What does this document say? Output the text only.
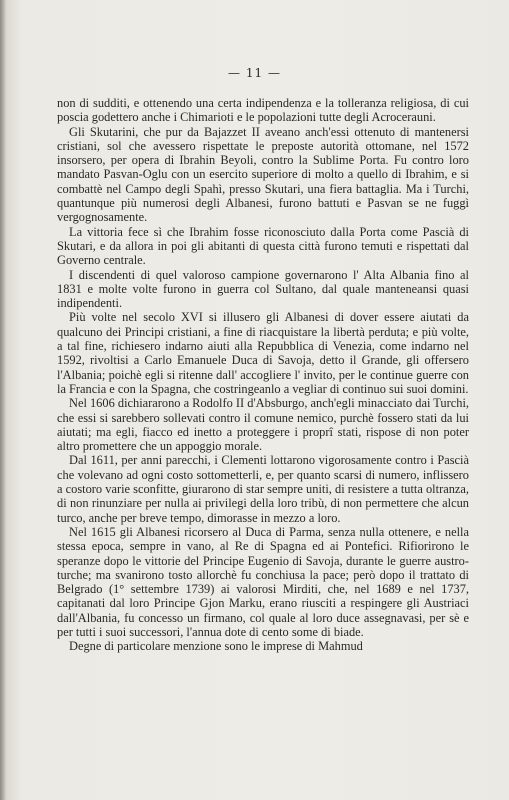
— 11 —

non di sudditi, e ottenendo una certa indipendenza e la tolleranza religiosa, di cui poscia godettero anche i Chimarioti e le popolazioni tutte degli Acrocerauni.

Gli Skutarini, che pur da Bajazzet II aveano anch'essi ottenuto di mantenersi cristiani, sol che avessero rispettate le preposte autorità ottomane, nel 1572 insorsero, per opera di Ibrahin Beyoli, contro la Sublime Porta. Fu contro loro mandato Pasvan-Oglu con un esercito superiore di molto a quello di Ibrahim, e si combattè nel Campo degli Spahì, presso Skutari, una fiera battaglia. Ma i Turchi, quantunque più numerosi degli Albanesi, furono battuti e Pasvan se ne fuggì vergognosamente.

La vittoria fece sì che Ibrahim fosse riconosciuto dalla Porta come Pascià di Skutari, e da allora in poi gli abitanti di questa città furono temuti e rispettati dal Governo centrale.

I discendenti di quel valoroso campione governarono l' Alta Albania fino al 1831 e molte volte furono in guerra col Sultano, dal quale manteneansi quasi indipendenti.

Più volte nel secolo XVI si illusero gli Albanesi di dover essere aiutati da qualcuno dei Principi cristiani, a fine di riacquistare la libertà perduta; e più volte, a tal fine, richiesero indarno aiuti alla Repubblica di Venezia, come indarno nel 1592, rivoltisi a Carlo Emanuele Duca di Savoja, detto il Grande, gli offersero l'Albania; poichè egli si ritenne dall' accogliere l' invito, per le continue guerre con la Francia e con la Spagna, che costringeanlo a vegliar di continuo sui suoi domini.

Nel 1606 dichiararono a Rodolfo II d'Absburgo, anch'egli minacciato dai Turchi, che essi si sarebbero sollevati contro il comune nemico, purchè fossero stati da lui aiutati; ma egli, fiacco ed inetto a proteggere i proprî stati, rispose di non poter altro promettere che un appoggio morale.

Dal 1611, per anni parecchi, i Clementi lottarono vigorosamente contro i Pascià che volevano ad ogni costo sottometterli, e, per quanto scarsi di numero, inflissero a costoro varie sconfitte, giurarono di star sempre uniti, di resistere a tutta oltranza, di non rinunziare per nulla ai privilegi della loro tribù, di non permettere che alcun turco, anche per breve tempo, dimorasse in mezzo a loro.

Nel 1615 gli Albanesi ricorsero al Duca di Parma, senza nulla ottenere, e nella stessa epoca, sempre in vano, al Re di Spagna ed ai Pontefici. Rifiorirono le speranze dopo le vittorie del Principe Eugenio di Savoja, durante le guerre austro-turche; ma svanirono tosto allorchè fu conchiusa la pace; però dopo il trattato di Belgrado (1° settembre 1739) ai valorosi Mirditi, che, nel 1689 e nel 1737, capitanati dal loro Principe Gjon Marku, erano riusciti a respingere gli Austriaci dall'Albania, fu concesso un firmano, col quale al loro duce assegnavasi, per sè e per tutti i suoi successori, l'annua dote di cento some di biade.

Degne di particolare menzione sono le imprese di Mahmud
